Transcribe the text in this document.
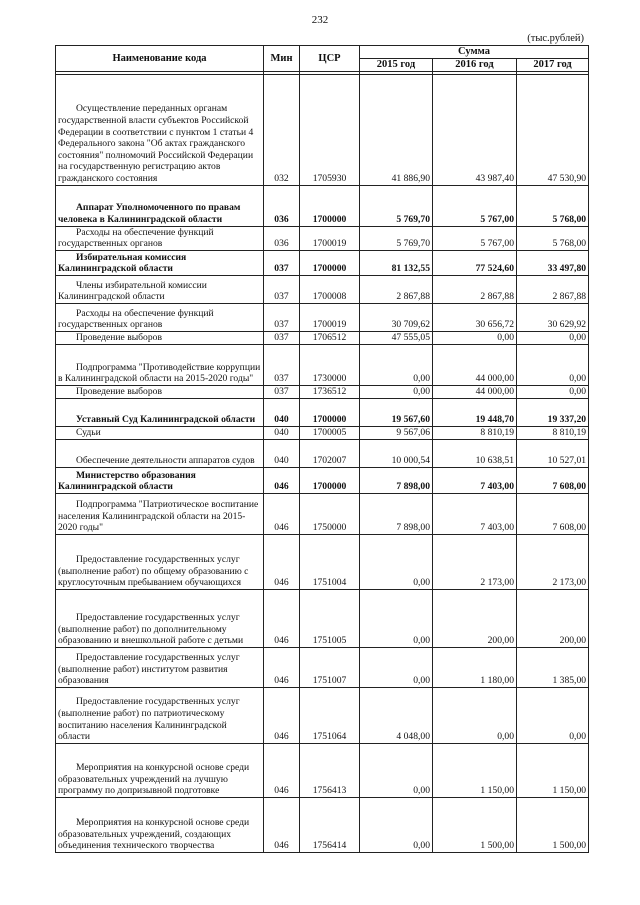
232
(тыс.рублей)
Наименование кода	Мин	ЦСР	Сумма		
			2015 год	2016 год	2017 год

Осуществление переданных органам государственной власти субъектов Российской Федерации в соответствии с пунктом 1 статьи 4 Федерального закона "Об актах гражданского состояния" полномочий Российской Федерации на государственную регистрацию актов гражданского состояния	032	1705930	41 886,90	43 987,40	47 530,90
Аппарат Уполномоченного по правам человека в Калининградской области	036	1700000	5 769,70	5 767,00	5 768,00
Расходы на обеспечение функций государственных органов	036	1700019	5 769,70	5 767,00	5 768,00
Избирательная комиссия Калининградской области	037	1700000	81 132,55	77 524,60	33 497,80
Члены избирательной комиссии Калининградской области	037	1700008	2 867,88	2 867,88	2 867,88
Расходы на обеспечение функций государственных органов	037	1700019	30 709,62	30 656,72	30 629,92
Проведение выборов	037	1706512	47 555,05	0,00	0,00
Подпрограмма "Противодействие коррупции в Калининградской области на 2015-2020 годы"	037	1730000	0,00	44 000,00	0,00
Проведение выборов	037	1736512	0,00	44 000,00	0,00
Уставный Суд Калининградской области	040	1700000	19 567,60	19 448,70	19 337,20
Судьи	040	1700005	9 567,06	8 810,19	8 810,19
Обеспечение деятельности аппаратов судов	040	1702007	10 000,54	10 638,51	10 527,01
Министерство образования Калининградской области	046	1700000	7 898,00	7 403,00	7 608,00
Подпрограмма "Патриотическое воспитание населения Калининградской области на 2015-2020 годы"	046	1750000	7 898,00	7 403,00	7 608,00
Предоставление государственных услуг (выполнение работ) по общему образованию с круглосуточным пребыванием обучающихся	046	1751004	0,00	2 173,00	2 173,00
Предоставление государственных услуг (выполнение работ) по дополнительному образованию и внешкольной работе с детьми	046	1751005	0,00	200,00	200,00
Предоставление государственных услуг (выполнение работ) институтом развития образования	046	1751007	0,00	1 180,00	1 385,00
Предоставление государственных услуг (выполнение работ) по патриотическому воспитанию населения Калининградской области	046	1751064	4 048,00	0,00	0,00
Мероприятия на конкурсной основе среди образовательных учреждений на лучшую программу по допризывной подготовке	046	1756413	0,00	1 150,00	1 150,00
Мероприятия на конкурсной основе среди образовательных учреждений, создающих объединения технического творчества	046	1756414	0,00	1 500,00	1 500,00
